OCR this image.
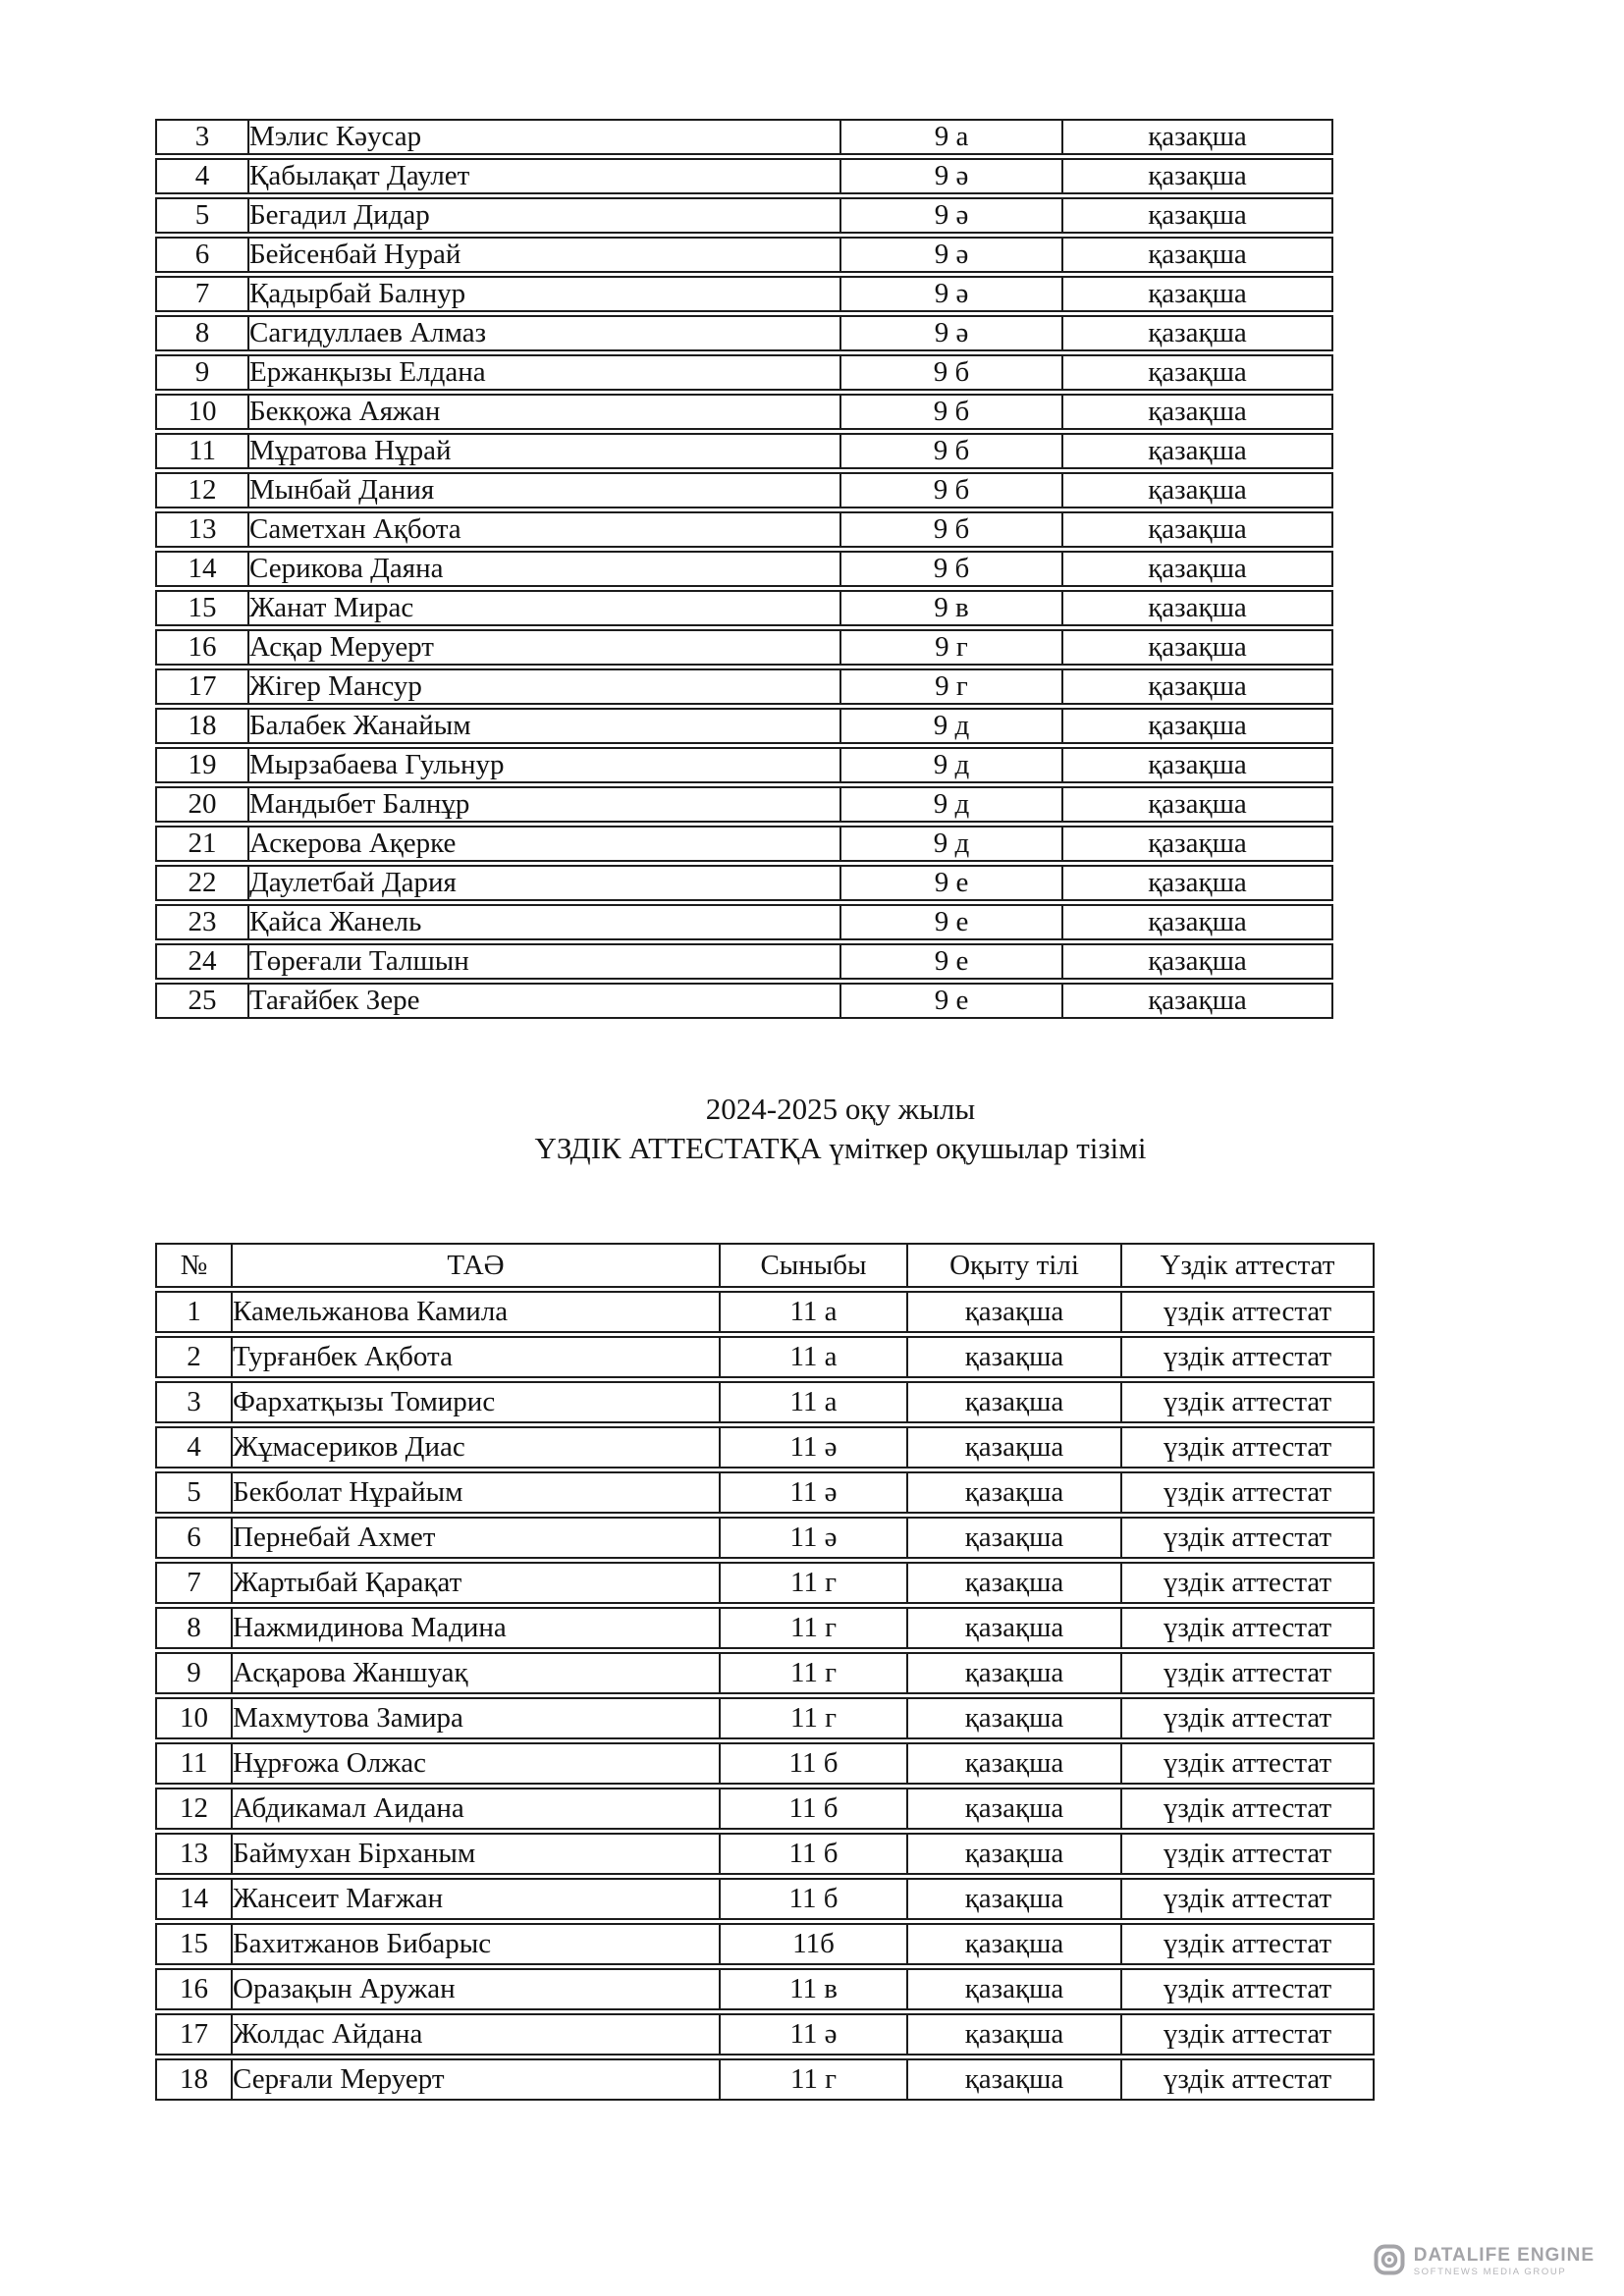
3	Мэлис Кәусар	9 а	қазақша
4	Қабылақат Даулет	9 ә	қазақша
5	Бегадил Дидар	9 ә	қазақша
6	Бейсенбай Нурай	9 ә	қазақша
7	Қадырбай Балнур	9 ә	қазақша
8	Сагидуллаев Алмаз	9 ә	қазақша
9	Ержанқызы Елдана	9 б	қазақша
10	Бекқожа Аяжан	9 б	қазақша
11	Мұратова Нұрай	9 б	қазақша
12	Мынбай Дания	9 б	қазақша
13	Саметхан Ақбота	9 б	қазақша
14	Серикова Даяна	9 б	қазақша
15	Жанат Мирас	9 в	қазақша
16	Асқар Меруерт	9 г	қазақша
17	Жігер Мансур	9 г	қазақша
18	Балабек Жанайым	9 д	қазақша
19	Мырзабаева Гульнур	9 д	қазақша
20	Мандыбет Балнұр	9 д	қазақша
21	Аскерова Ақерке	9 д	қазақша
22	Даулетбай Дария	9 е	қазақша
23	Қайса Жанель	9 е	қазақша
24	Төреғали Талшын	9 е	қазақша
25	Тағайбек Зере	9 е	қазақша
2024-2025 оқу жылы
ҮЗДІК АТТЕСТАТҚА үміткер оқушылар тізімі
№	ТАӘ	Сыныбы	Оқыту тілі	Үздік аттестат
1	Камельжанова Камила	11 а	қазақша	үздік аттестат
2	Турғанбек Ақбота	11 а	қазақша	үздік аттестат
3	Фархатқызы Томирис	11 а	қазақша	үздік аттестат
4	Жұмасериков Диас	11 ә	қазақша	үздік аттестат
5	Бекболат Нұрайым	11 ә	қазақша	үздік аттестат
6	Пернебай Ахмет	11 ә	қазақша	үздік аттестат
7	Жартыбай Қарақат	11 г	қазақша	үздік аттестат
8	Нажмидинова Мадина	11 г	қазақша	үздік аттестат
9	Асқарова Жаншуақ	11 г	қазақша	үздік аттестат
10	Махмутова Замира	11 г	қазақша	үздік аттестат
11	Нұрғожа Олжас	11 б	қазақша	үздік аттестат
12	Абдикамал Аидана	11 б	қазақша	үздік аттестат
13	Баймухан Бірханым	11 б	қазақша	үздік аттестат
14	Жансеит Мағжан	11 б	қазақша	үздік аттестат
15	Бахитжанов Бибарыс	11б	қазақша	үздік аттестат
16	Оразақын Аружан	11 в	қазақша	үздік аттестат
17	Жолдас Айдана	11 ә	қазақша	үздік аттестат
18	Серғали Меруерт	11 г	қазақша	үздік аттестат
DATALIFE ENGINE
SOFTNEWS MEDIA GROUP
